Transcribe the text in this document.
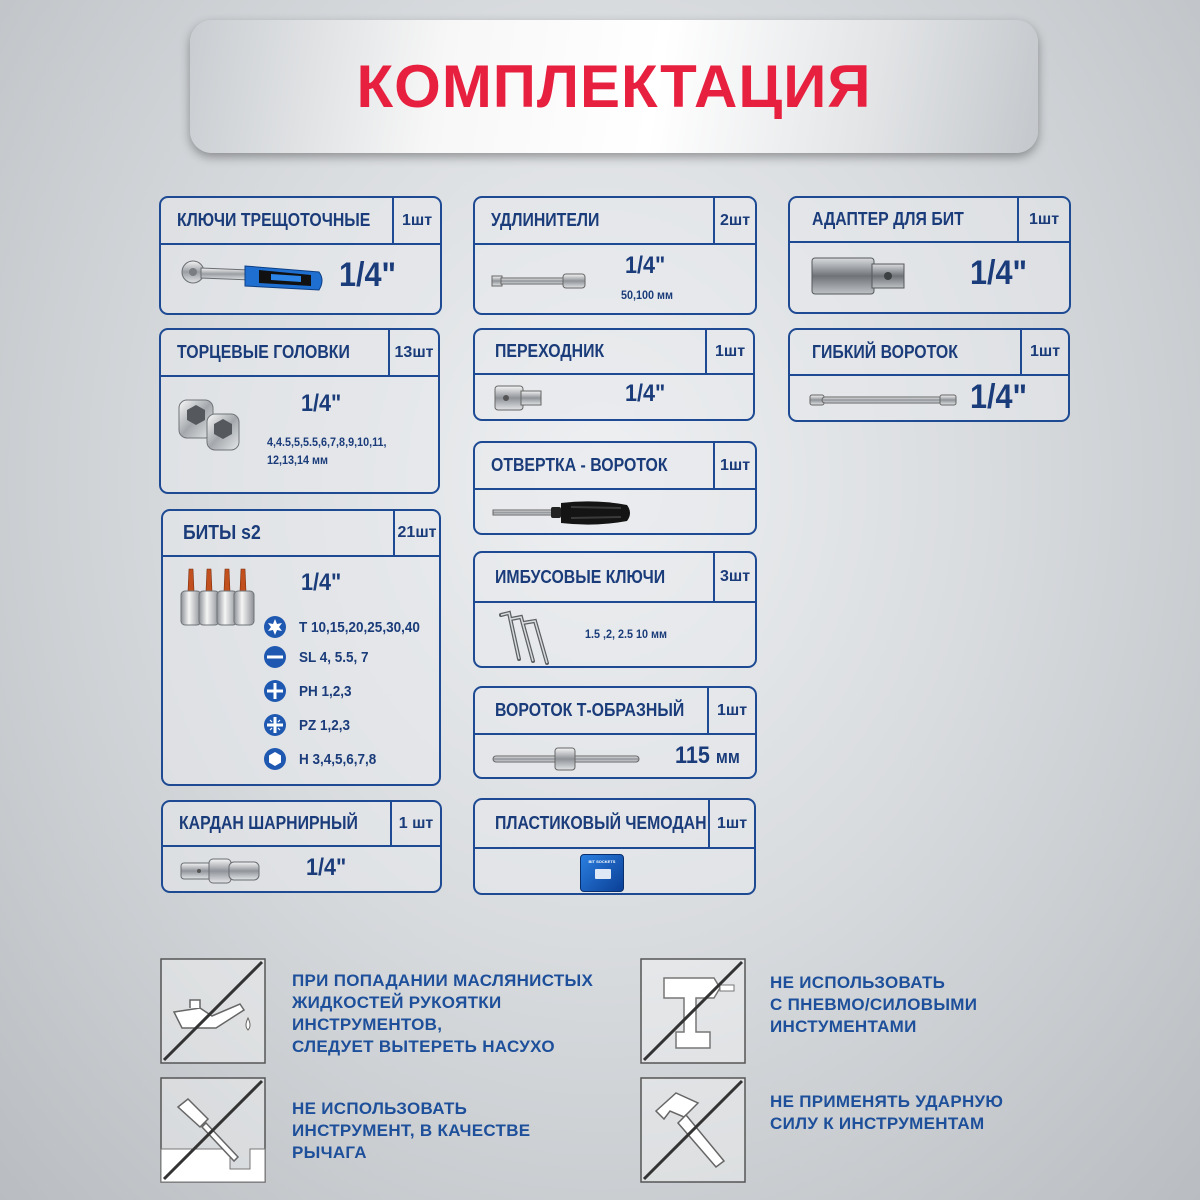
КОМПЛЕКТАЦИЯ
КЛЮЧИ ТРЕЩОТОЧНЫЕ	1шт
1/4"
ТОРЦЕВЫЕ ГОЛОВКИ	13шт
1/4"
4,4.5,5,5.5,6,7,8,9,10,11,
12,13,14 мм
БИТЫ s2	21шт
1/4"
T 10,15,20,25,30,40
SL 4, 5.5, 7
PH 1,2,3
PZ 1,2,3
H 3,4,5,6,7,8
КАРДАН ШАРНИРНЫЙ	1 шт
1/4"
УДЛИНИТЕЛИ	2шт
1/4"
50,100 мм
ПЕРЕХОДНИК	1шт
1/4"
ОТВЕРТКА - ВОРОТОК	1шт
ИМБУСОВЫЕ КЛЮЧИ	3шт
1.5 ,2, 2.5 10 мм
ВОРОТОК Т-ОБРАЗНЫЙ	1шт
115 мм
ПЛАСТИКОВЫЙ ЧЕМОДАН 1шт
BIT SOCKETS
АДАПТЕР ДЛЯ БИТ	1шт
1/4"
ГИБКИЙ ВОРОТОК	1шт
1/4"
ПРИ ПОПАДАНИИ МАСЛЯНИСТЫХ
ЖИДКОСТЕЙ РУКОЯТКИ
ИНСТРУМЕНТОВ,
СЛЕДУЕТ ВЫТЕРЕТЬ НАСУХО
НЕ ИСПОЛЬЗОВАТЬ
С ПНЕВМО/СИЛОВЫМИ
ИНСТУМЕНТАМИ
НЕ ИСПОЛЬЗОВАТЬ
ИНСТРУМЕНТ, В КАЧЕСТВЕ
РЫЧАГА
НЕ ПРИМЕНЯТЬ УДАРНУЮ
СИЛУ К ИНСТРУМЕНТАМ
